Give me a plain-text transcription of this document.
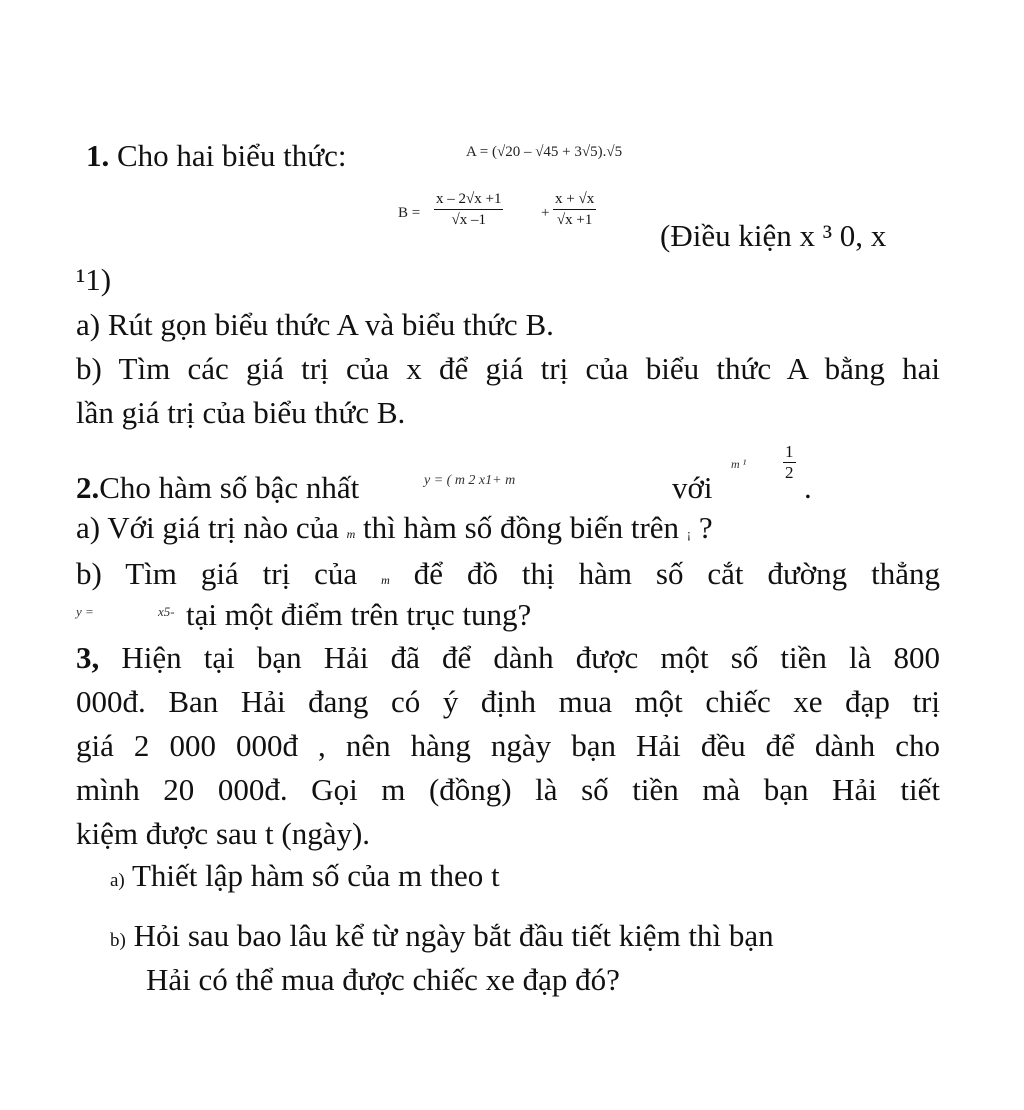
1. Cho hai biểu thức:	A = (√20 – √45 + 3√5).√5
$B = \frac{x - 2√x +1}{√x -1}$	+ $\frac{x + √x}{√x +1}$
(Điều kiện x ³ 0, x
¹1)
a) Rút gọn biểu thức A và biểu thức B.
b) Tìm các giá trị của x để giá trị của biểu thức A bằng hai
lần giá trị của biểu thức B.
2.Cho hàm số bậc nhất	y = ( m 2 x1+ m	với
m $^1 \frac{1}{2}$
.
a) Với giá trị nào của m thì hàm số đồng biến trên ¡ ?
b) Tìm giá trị của m để đồ thị hàm số cắt đường thẳng
y =	x5- tại một điểm trên trục tung?
3, Hiện tại bạn Hải đã để dành được một số tiền là 800
000đ. Ban Hải đang có ý định mua một chiếc xe đạp trị
giá 2 000 000đ , nên hàng ngày bạn Hải đều để dành cho
mình 20 000đ. Gọi m (đồng) là số tiền mà bạn Hải tiết
kiệm được sau t (ngày).
a) Thiết lập hàm số của m theo t
b) Hỏi sau bao lâu kể từ ngày bắt đầu tiết kiệm thì bạn
Hải có thể mua được chiếc xe đạp đó?
